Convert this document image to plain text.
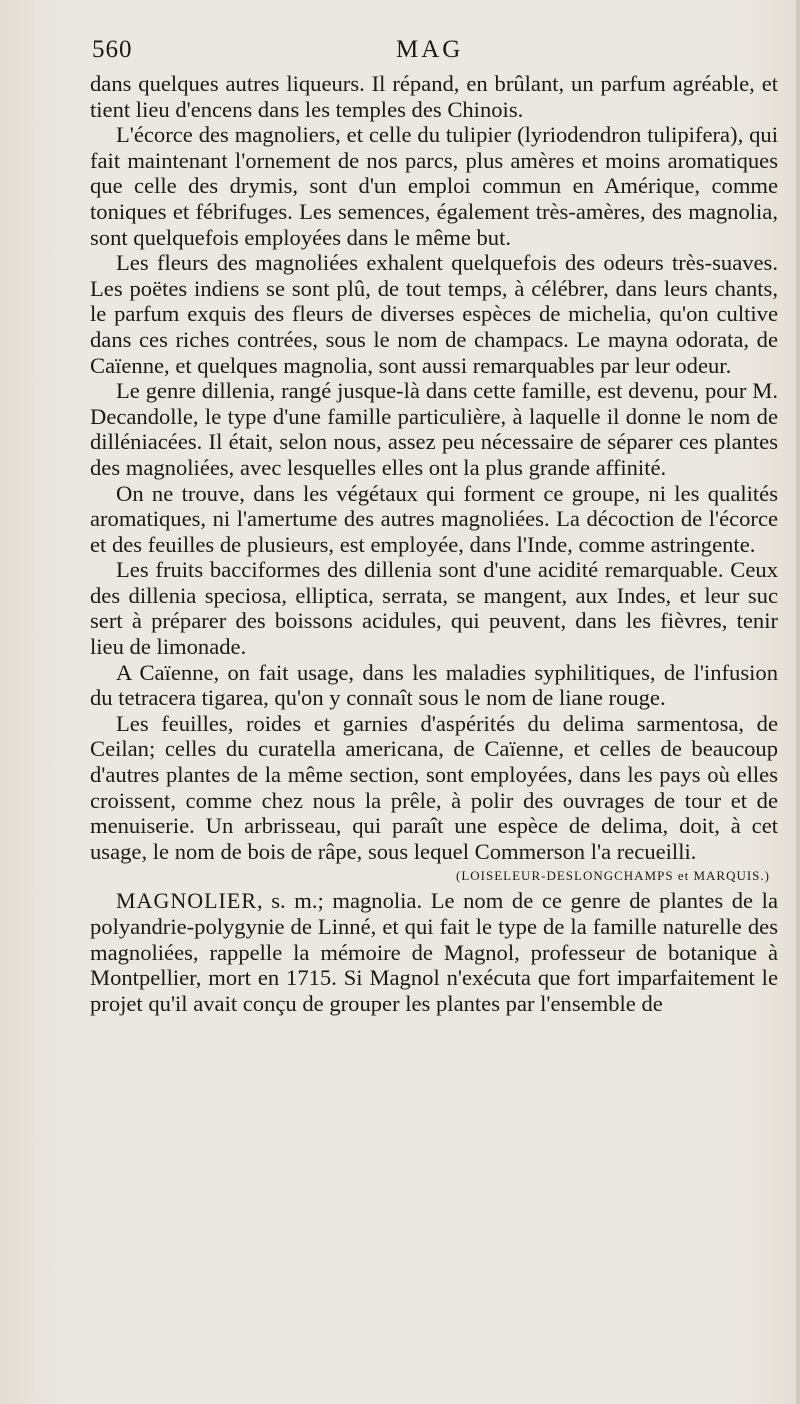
560	MAG

dans quelques autres liqueurs. Il répand, en brûlant, un parfum agréable, et tient lieu d'encens dans les temples des Chinois.

L'écorce des magnoliers, et celle du tulipier (lyriodendron tulipifera), qui fait maintenant l'ornement de nos parcs, plus amères et moins aromatiques que celle des drymis, sont d'un emploi commun en Amérique, comme toniques et fébrifuges. Les semences, également très-amères, des magnolia, sont quelquefois employées dans le même but.

Les fleurs des magnoliées exhalent quelquefois des odeurs très-suaves. Les poëtes indiens se sont plû, de tout temps, à célébrer, dans leurs chants, le parfum exquis des fleurs de diverses espèces de michelia, qu'on cultive dans ces riches contrées, sous le nom de champacs. Le mayna odorata, de Caïenne, et quelques magnolia, sont aussi remarquables par leur odeur.

Le genre dillenia, rangé jusque-là dans cette famille, est devenu, pour M. Decandolle, le type d'une famille particulière, à laquelle il donne le nom de dilléniacées. Il était, selon nous, assez peu nécessaire de séparer ces plantes des magnoliées, avec lesquelles elles ont la plus grande affinité.

On ne trouve, dans les végétaux qui forment ce groupe, ni les qualités aromatiques, ni l'amertume des autres magnoliées. La décoction de l'écorce et des feuilles de plusieurs, est employée, dans l'Inde, comme astringente.

Les fruits bacciformes des dillenia sont d'une acidité remarquable. Ceux des dillenia speciosa, elliptica, serrata, se mangent, aux Indes, et leur suc sert à préparer des boissons acidules, qui peuvent, dans les fièvres, tenir lieu de limonade.

A Caïenne, on fait usage, dans les maladies syphilitiques, de l'infusion du tetracera tigarea, qu'on y connaît sous le nom de liane rouge.

Les feuilles, roides et garnies d'aspérités du delima sarmentosa, de Ceilan; celles du curatella americana, de Caïenne, et celles de beaucoup d'autres plantes de la même section, sont employées, dans les pays où elles croissent, comme chez nous la prêle, à polir des ouvrages de tour et de menuiserie. Un arbrisseau, qui paraît une espèce de delima, doit, à cet usage, le nom de bois de râpe, sous lequel Commerson l'a recueilli.

(LOISELEUR-DESLONGCHAMPS et MARQUIS.)

MAGNOLIER, s. m.; magnolia. Le nom de ce genre de plantes de la polyandrie-polygynie de Linné, et qui fait le type de la famille naturelle des magnoliées, rappelle la mémoire de Magnol, professeur de botanique à Montpellier, mort en 1715. Si Magnol n'exécuta que fort imparfaitement le projet qu'il avait conçu de grouper les plantes par l'ensemble de
